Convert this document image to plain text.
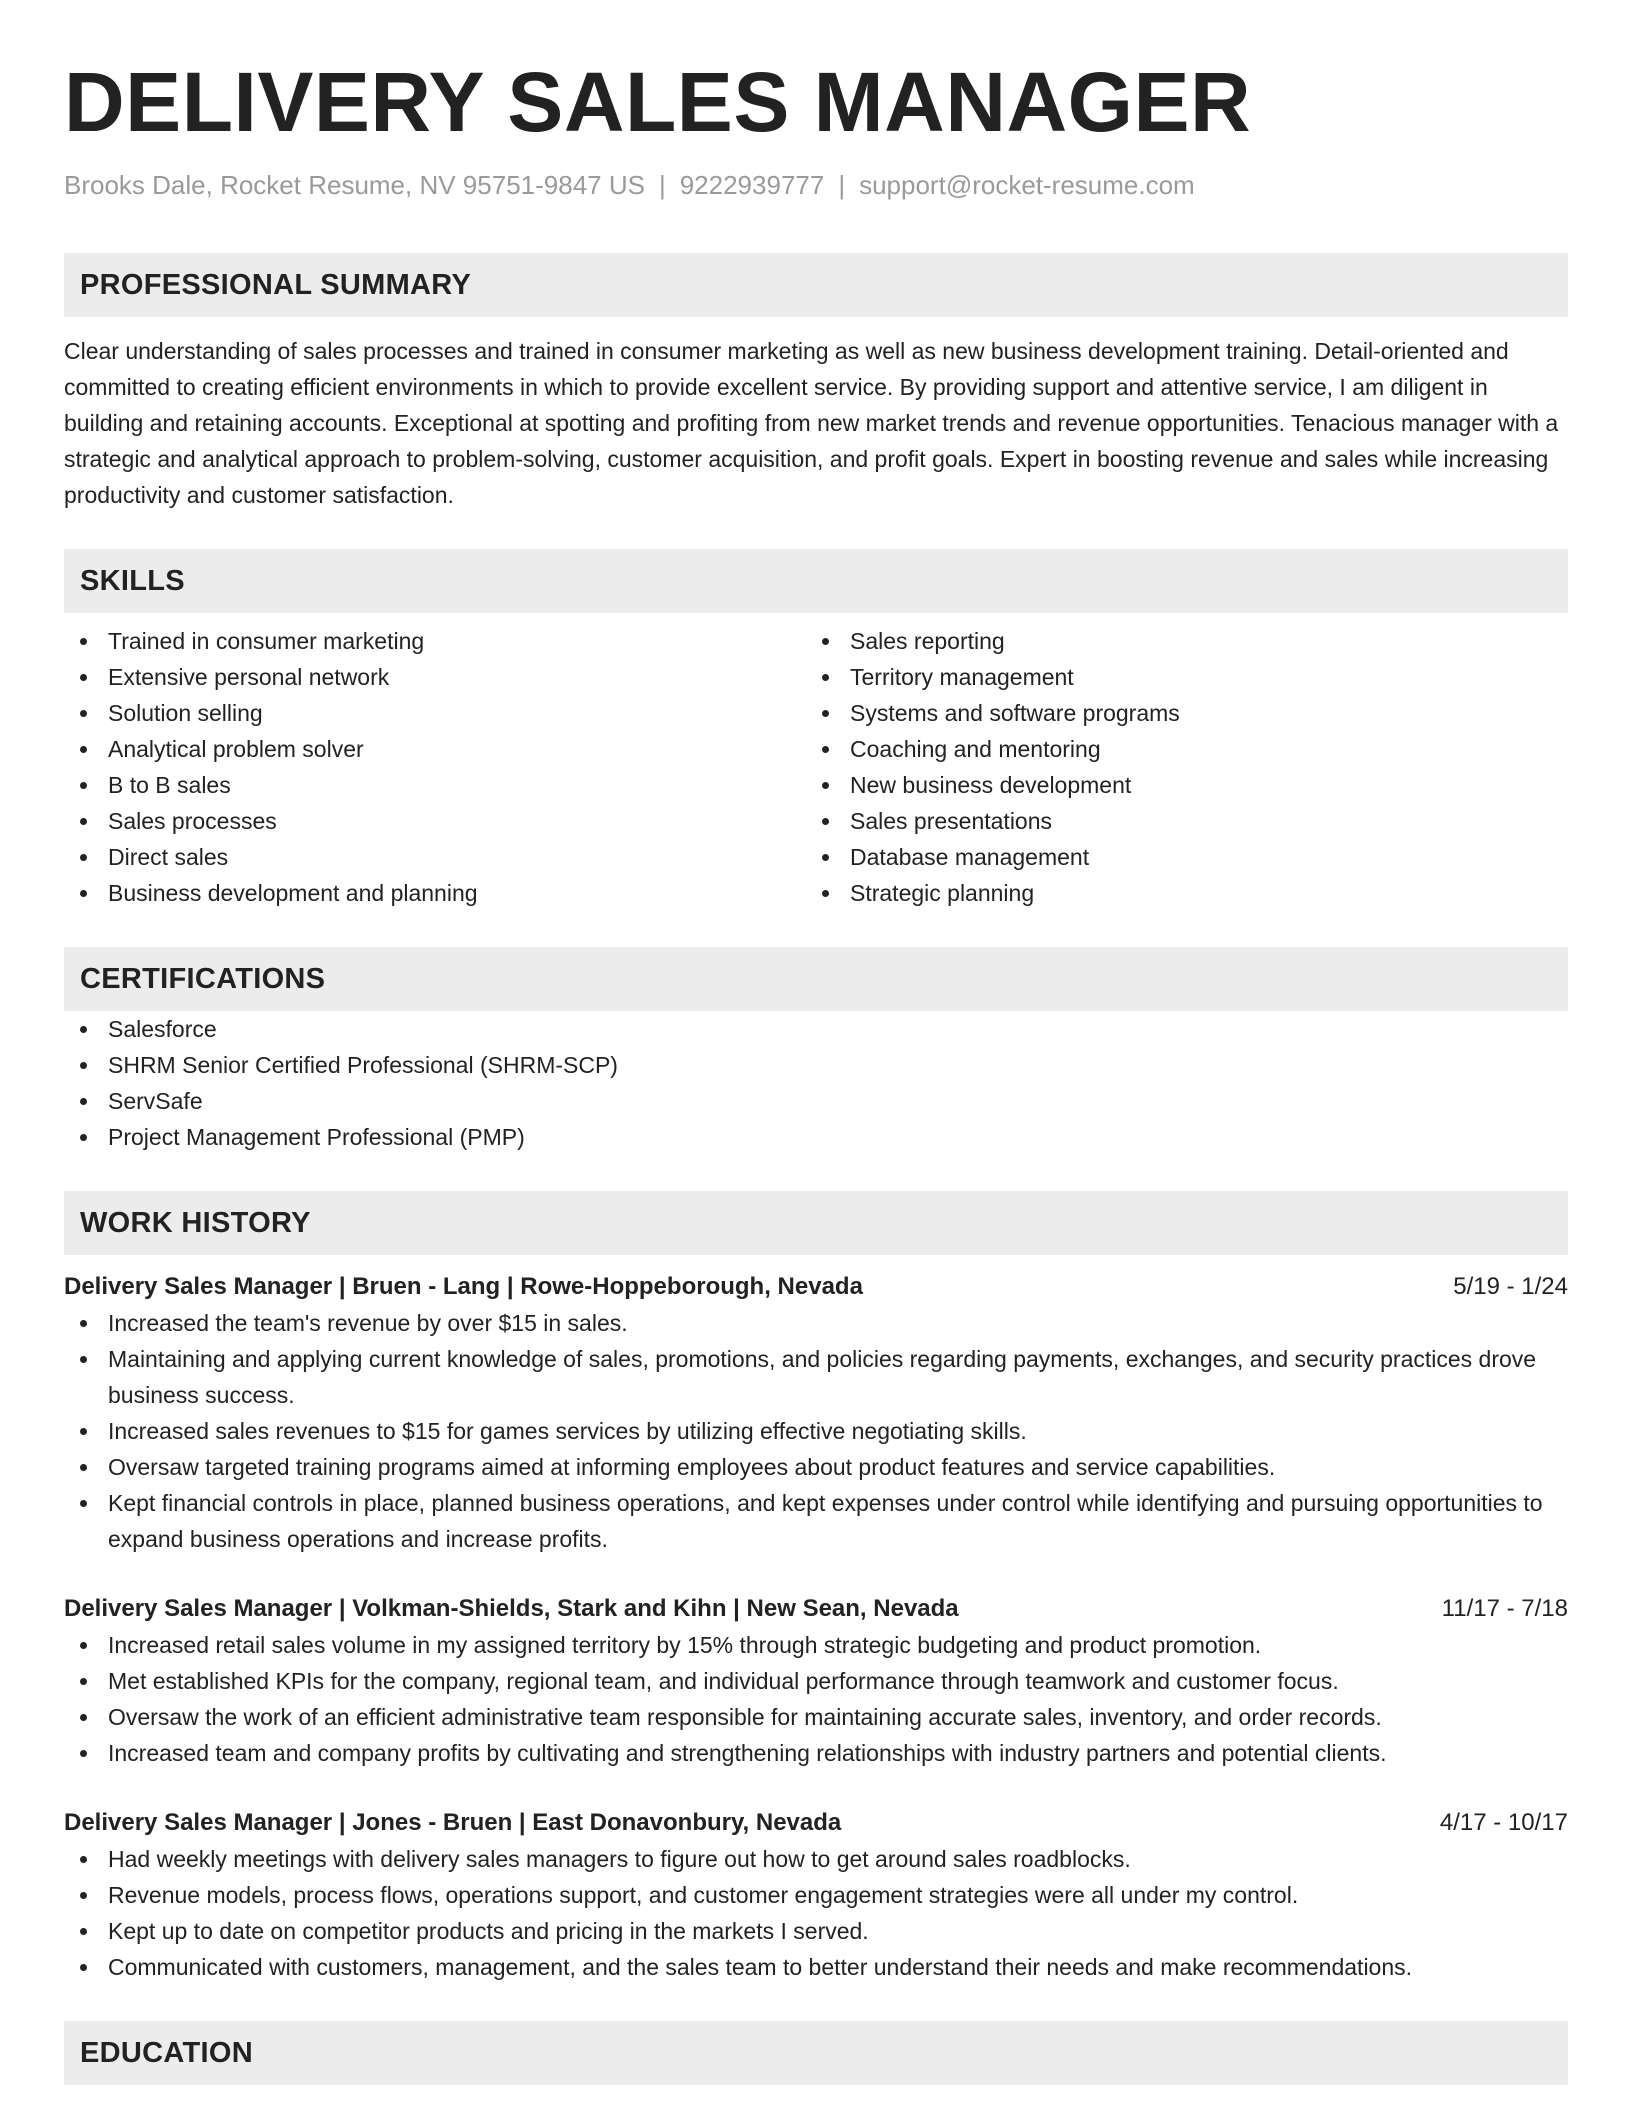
DELIVERY SALES MANAGER
Brooks Dale, Rocket Resume, NV 95751-9847 US | 9222939777 | support@rocket-resume.com
PROFESSIONAL SUMMARY

Clear understanding of sales processes and trained in consumer marketing as well as new business development training. Detail-oriented and committed to creating efficient environments in which to provide excellent service. By providing support and attentive service, I am diligent in building and retaining accounts. Exceptional at spotting and profiting from new market trends and revenue opportunities. Tenacious manager with a strategic and analytical approach to problem-solving, customer acquisition, and profit goals. Expert in boosting revenue and sales while increasing productivity and customer satisfaction.

SKILLS
Trained in consumer marketing
Extensive personal network
Solution selling
Analytical problem solver
B to B sales
Sales processes
Direct sales
Business development and planning
Sales reporting
Territory management
Systems and software programs
Coaching and mentoring
New business development
Sales presentations
Database management
Strategic planning
CERTIFICATIONS
Salesforce
SHRM Senior Certified Professional (SHRM-SCP)
ServSafe
Project Management Professional (PMP)
WORK HISTORY
Delivery Sales Manager | Bruen - Lang | Rowe-Hoppeborough, Nevada	5/19 - 1/24
Increased the team's revenue by over $15 in sales.
Maintaining and applying current knowledge of sales, promotions, and policies regarding payments, exchanges, and security practices drove business success.
Increased sales revenues to $15 for games services by utilizing effective negotiating skills.
Oversaw targeted training programs aimed at informing employees about product features and service capabilities.
Kept financial controls in place, planned business operations, and kept expenses under control while identifying and pursuing opportunities to expand business operations and increase profits.
Delivery Sales Manager | Volkman-Shields, Stark and Kihn | New Sean, Nevada	11/17 - 7/18
Increased retail sales volume in my assigned territory by 15% through strategic budgeting and product promotion.
Met established KPIs for the company, regional team, and individual performance through teamwork and customer focus.
Oversaw the work of an efficient administrative team responsible for maintaining accurate sales, inventory, and order records.
Increased team and company profits by cultivating and strengthening relationships with industry partners and potential clients.
Delivery Sales Manager | Jones - Bruen | East Donavonbury, Nevada	4/17 - 10/17
Had weekly meetings with delivery sales managers to figure out how to get around sales roadblocks.
Revenue models, process flows, operations support, and customer engagement strategies were all under my control.
Kept up to date on competitor products and pricing in the markets I served.
Communicated with customers, management, and the sales team to better understand their needs and make recommendations.
EDUCATION
